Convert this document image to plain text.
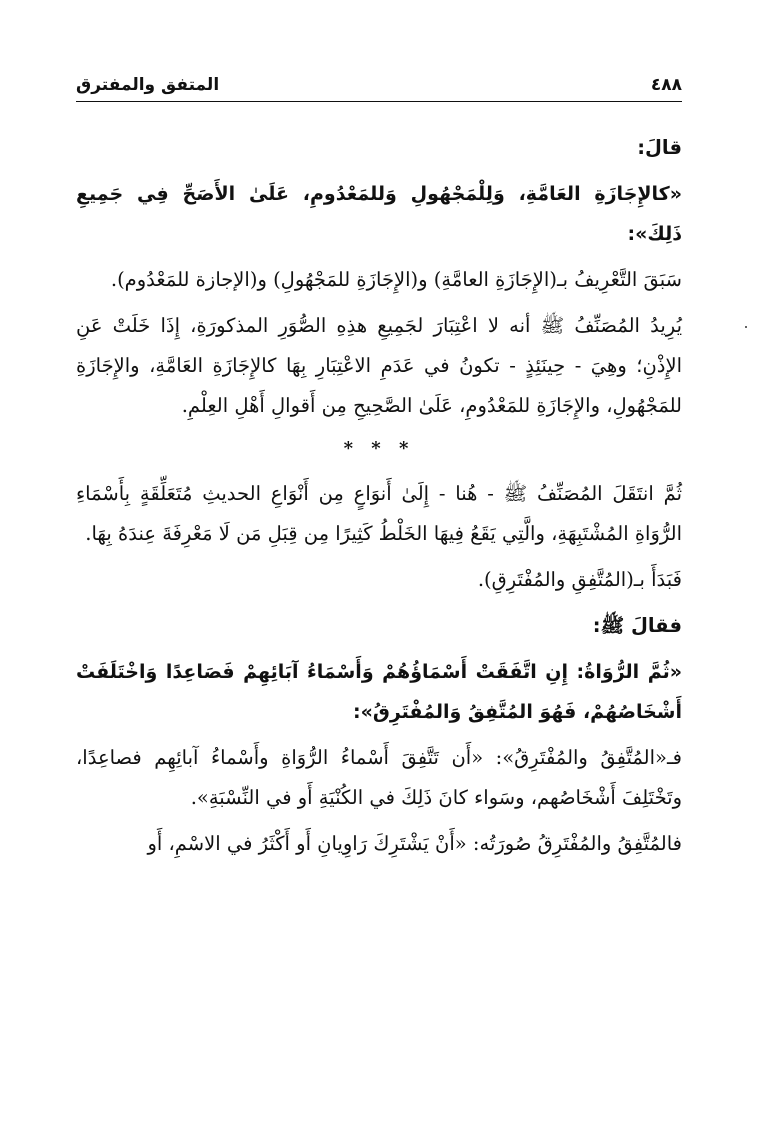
٤٨٨
المتفق والمفترق

قالَ:

«كالإِجَازَةِ العَامَّةِ، وَلِلْمَجْهُولِ وَللمَعْدُومِ، عَلَىٰ الأَصَحِّ فِي جَمِيعِ ذَلِكَ»:

سَبَقَ التَّعْرِيفُ بـ(الإِجَازَةِ العامَّةِ) و(الإِجَازَةِ للمَجْهُولِ) و(الإجازة للمَعْدُوم).

يُرِيدُ المُصَنِّفُ ﷺ أنه لا اعْتِبَارَ لجَمِيعِ هذِهِ الصُّوَرِ المذكورَةِ، إِذَا خَلَتْ عَنِ الإِذْنِ؛ وهِيَ - حِينَئِذٍ - تكونُ في عَدَمِ الاعْتِبَارِ بِهَا كالإِجَازَةِ العَامَّةِ، والإِجَازَةِ للمَجْهُولِ، والإِجَازَةِ للمَعْدُومِ، عَلَىٰ الصَّحِيحِ مِن أَقوالِ أَهْلِ العِلْمِ.

* * *

ثُمَّ انتَقَلَ المُصَنِّفُ ﷺ - هُنا - إِلَىٰ أَنوَاعٍ مِن أَنْوَاعِ الحديثِ مُتَعَلِّقَةٍ بِأَسْمَاءِ الرُّوَاةِ المُشْتَبِهَةِ، والَّتِي يَقَعُ فِيهَا الخَلْطُ كَثِيرًا مِن قِبَلِ مَن لَا مَعْرِفَةَ عِندَهُ بِهَا.

فَبَدَأَ بـ(المُتَّفِقِ والمُفْتَرِقِ).

فقالَ ﷺ:

«ثُمَّ الرُّوَاةُ: إِنِ اتَّفَقَتْ أَسْمَاؤُهُمْ وَأَسْمَاءُ آبَائِهِمْ فَصَاعِدًا وَاخْتَلَفَتْ أَشْخَاصُهُمْ، فَهُوَ المُتَّفِقُ وَالمُفْتَرِقُ»:

فـ«المُتَّفِقُ والمُفْتَرِقُ»: «أَن تَتَّفِقَ أَسْماءُ الرُّوَاةِ وأَسْماءُ آبائِهِم فصاعِدًا، وتَخْتَلِفَ أَشْخَاصُهم، وسَواء كانَ ذَلِكَ في الكُنْيَةِ أَو في النِّسْبَةِ».

فالمُتَّفِقُ والمُفْتَرِقُ صُورَتُه: «أَنْ يَشْتَرِكَ رَاوِيانِ أَو أَكْثَرُ في الاسْمِ، أَو
